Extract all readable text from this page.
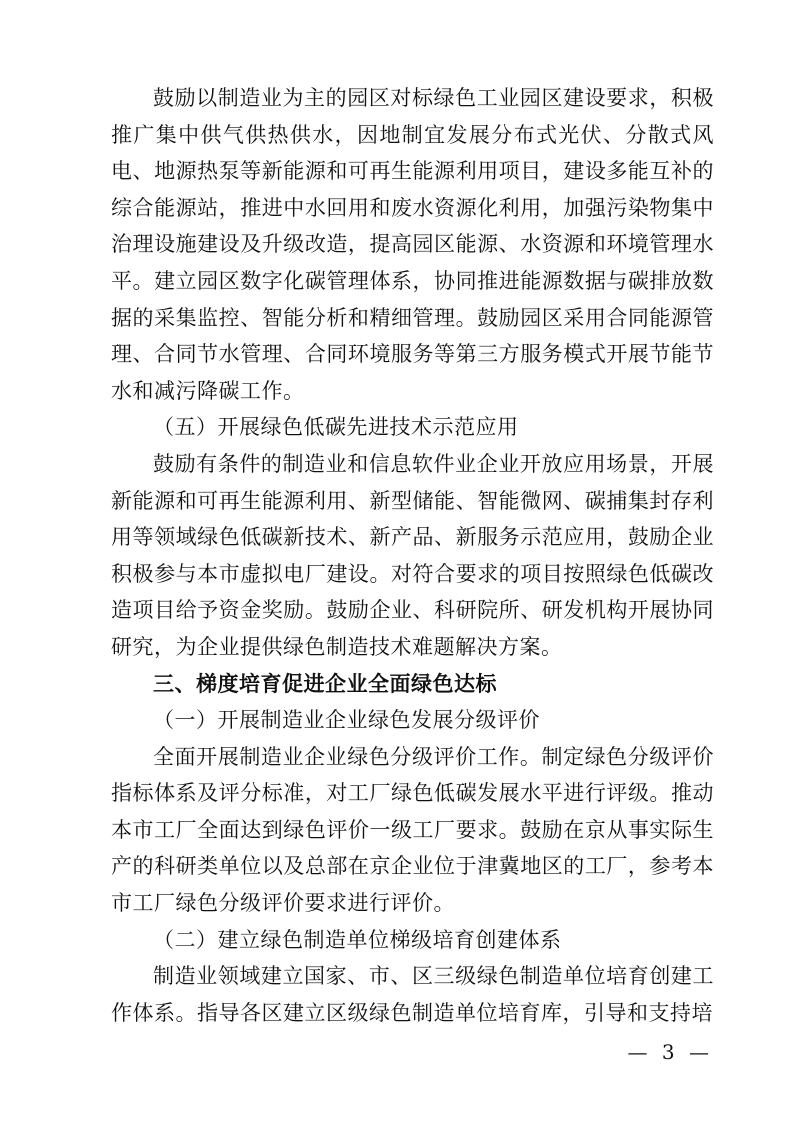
鼓励以制造业为主的园区对标绿色工业园区建设要求，积极推广集中供气供热供水，因地制宜发展分布式光伏、分散式风电、地源热泵等新能源和可再生能源利用项目，建设多能互补的综合能源站，推进中水回用和废水资源化利用，加强污染物集中治理设施建设及升级改造，提高园区能源、水资源和环境管理水平。建立园区数字化碳管理体系，协同推进能源数据与碳排放数据的采集监控、智能分析和精细管理。鼓励园区采用合同能源管理、合同节水管理、合同环境服务等第三方服务模式开展节能节水和减污降碳工作。

（五）开展绿色低碳先进技术示范应用

鼓励有条件的制造业和信息软件业企业开放应用场景，开展新能源和可再生能源利用、新型储能、智能微网、碳捕集封存利用等领域绿色低碳新技术、新产品、新服务示范应用，鼓励企业积极参与本市虚拟电厂建设。对符合要求的项目按照绿色低碳改造项目给予资金奖励。鼓励企业、科研院所、研发机构开展协同研究，为企业提供绿色制造技术难题解决方案。

三、梯度培育促进企业全面绿色达标

（一）开展制造业企业绿色发展分级评价

全面开展制造业企业绿色分级评价工作。制定绿色分级评价指标体系及评分标准，对工厂绿色低碳发展水平进行评级。推动本市工厂全面达到绿色评价一级工厂要求。鼓励在京从事实际生产的科研类单位以及总部在京企业位于津冀地区的工厂，参考本市工厂绿色分级评价要求进行评价。

（二）建立绿色制造单位梯级培育创建体系

制造业领域建立国家、市、区三级绿色制造单位培育创建工作体系。指导各区建立区级绿色制造单位培育库，引导和支持培

— 3 —
